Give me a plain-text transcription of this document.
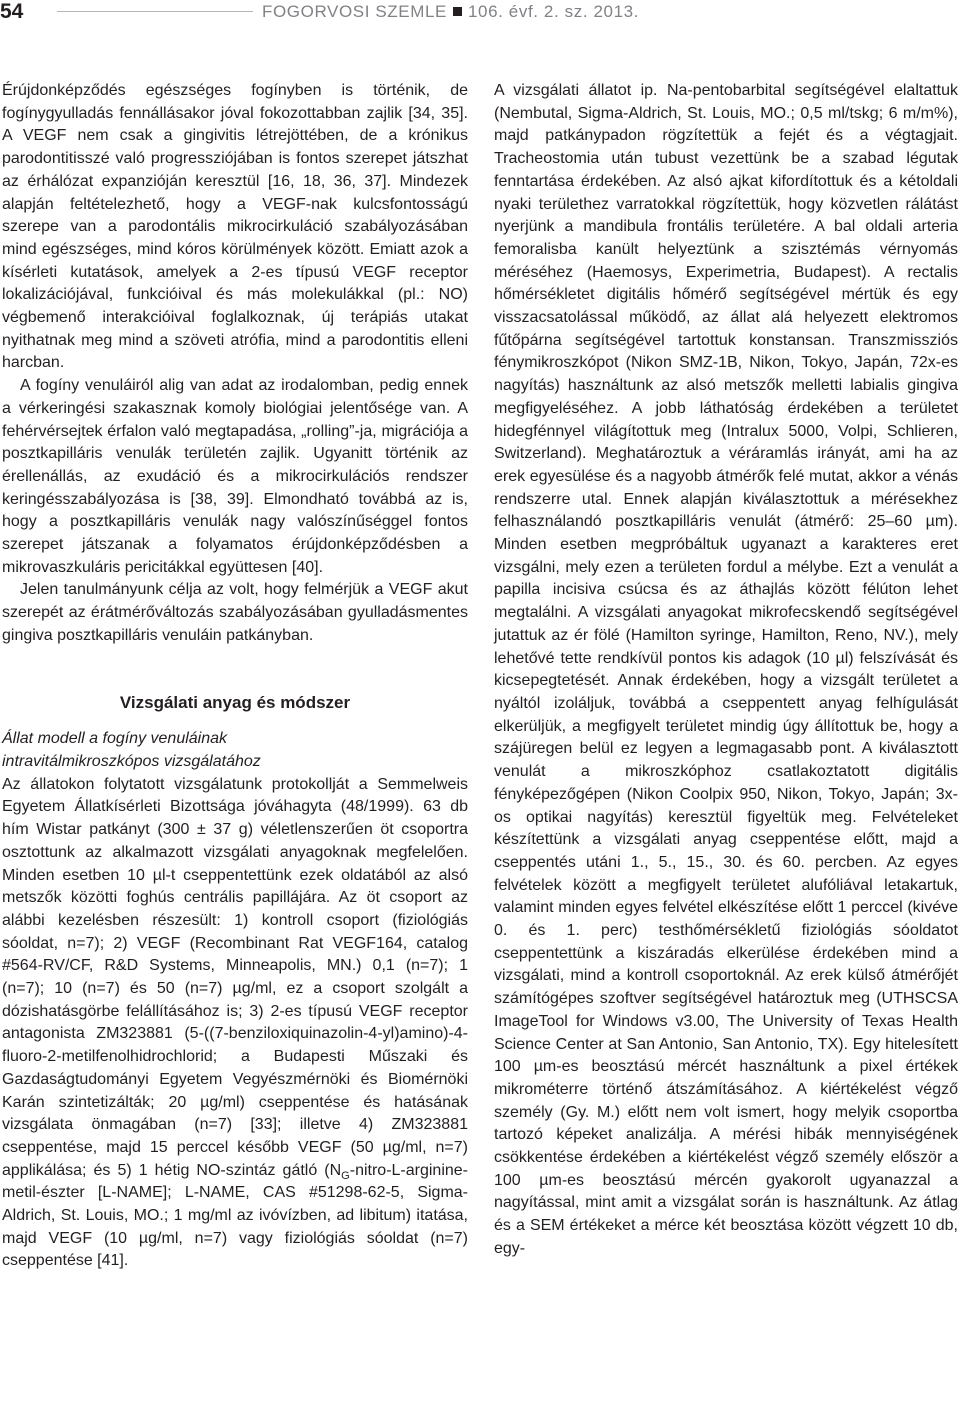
54	FOGORVOSI SZEMLE 106. évf. 2. sz. 2013.

Érújdonképződés egészséges fogínyben is történik, de fogínygyulladás fennállásakor jóval fokozottabban zajlik [34, 35]. A VEGF nem csak a gingivitis létrejöttében, de a krónikus parodontitisszé való progressziójában is fontos szerepet játszhat az érhálózat expanzióján keresztül [16, 18, 36, 37]. Mindezek alapján feltételezhető, hogy a VEGF-nak kulcsfontosságú szerepe van a parodontális mikrocirkuláció szabályozásában mind egészséges, mind kóros körülmények között. Emiatt azok a kísérleti kutatások, amelyek a 2-es típusú VEGF receptor lokalizációjával, funkcióival és más molekulákkal (pl.: NO) végbemenő interakcióival foglalkoznak, új terápiás utakat nyithatnak meg mind a szöveti atrófia, mind a parodontitis elleni harcban.

A fogíny venuláiról alig van adat az irodalomban, pedig ennek a vérkeringési szakasznak komoly biológiai jelentősége van. A fehérvérsejtek érfalon való megtapadása, „rolling”-ja, migrációja a posztkapilláris venulák területén zajlik. Ugyanitt történik az érellenállás, az exudáció és a mikrocirkulációs rendszer keringésszabályozása is [38, 39]. Elmondható továbbá az is, hogy a posztkapilláris venulák nagy valószínűséggel fontos szerepet játszanak a folyamatos érújdonképződésben a mikrovaszkuláris pericitákkal együttesen [40].

Jelen tanulmányunk célja az volt, hogy felmérjük a VEGF akut szerepét az érátmérőváltozás szabályozásában gyulladásmentes gingiva posztkapilláris venuláin patkányban.

Vizsgálati anyag és módszer

Állat modell a fogíny venuláinak

intravitálmikroszkópos vizsgálatához

Az állatokon folytatott vizsgálatunk protokollját a Semmelweis Egyetem Állatkísérleti Bizottsága jóváhagyta (48/1999). 63 db hím Wistar patkányt (300 ± 37 g) véletlenszerűen öt csoportra osztottunk az alkalmazott vizsgálati anyagoknak megfelelően. Minden esetben 10 µl-t cseppentettünk ezek oldatából az alsó metszők közötti foghús centrális papillájára. Az öt csoport az alábbi kezelésben részesült: 1) kontroll csoport (fiziológiás sóoldat, n=7); 2) VEGF (Recombinant Rat VEGF164, catalog #564-RV/CF, R&D Systems, Minneapolis, MN.) 0,1 (n=7); 1 (n=7); 10 (n=7) és 50 (n=7) µg/ml, ez a csoport szolgált a dózishatásgörbe felállításához is; 3) 2-es típusú VEGF receptor antagonista ZM323881 (5-((7-benziloxiquinazolin-4-yl)amino)-4-fluoro-2-metilfenolhidrochlorid; a Budapesti Műszaki és Gazdaságtudományi Egyetem Vegyészmérnöki és Biomérnöki Karán szintetizálták; 20 µg/ml) cseppentése és hatásának vizsgálata önmagában (n=7) [33]; illetve 4) ZM323881 cseppentése, majd 15 perccel később VEGF (50 µg/ml, n=7) applikálása; és 5) 1 hétig NO-szintáz gátló ($N_G-nitro-L-arginine-metil$-észter [L-NAME]; L-NAME, CAS #51298-62-5, Sigma-Aldrich, St. Louis, MO.; 1 mg/ml az ivóvízben, ad libitum) itatása, majd VEGF (10 µg/ml, n=7) vagy fiziológiás sóoldat (n=7) cseppentése [41].

A vizsgálati állatot ip. Na-pentobarbital segítségével elaltattuk (Nembutal, Sigma-Aldrich, St. Louis, MO.; 0,5 ml/tskg; 6 m/m%), majd patkánypadon rögzítettük a fejét és a végtagjait. Tracheostomia után tubust vezettünk be a szabad légutak fenntartása érdekében. Az alsó ajkat kifordítottuk és a kétoldali nyaki területhez varratokkal rögzítettük, hogy közvetlen rálátást nyerjünk a mandibula frontális területére. A bal oldali arteria femoralisba kanült helyeztünk a szisztémás vérnyomás méréséhez (Haemosys, Experimetria, Budapest). A rectalis hőmérsékletet digitális hőmérő segítségével mértük és egy visszacsatolással működő, az állat alá helyezett elektromos fűtőpárna segítségével tartottuk konstansan. Transzmissziós fénymikroszkópot (Nikon SMZ-1B, Nikon, Tokyo, Japán, 72x-es nagyítás) használtunk az alsó metszők melletti labialis gingiva megfigyeléséhez. A jobb láthatóság érdekében a területet hidegfénnyel világítottuk meg (Intralux 5000, Volpi, Schlieren, Switzerland). Meghatároztuk a véráramlás irányát, ami ha az erek egyesülése és a nagyobb átmérők felé mutat, akkor a vénás rendszerre utal. Ennek alapján kiválasztottuk a mérésekhez felhasználandó posztkapilláris venulát (átmérő: 25–60 µm). Minden esetben megpróbáltuk ugyanazt a karakteres eret vizsgálni, mely ezen a területen fordul a mélybe. Ezt a venulát a papilla incisiva csúcsa és az áthajlás között félúton lehet megtalálni. A vizsgálati anyagokat mikrofecskendő segítségével jutattuk az ér fölé (Hamilton syringe, Hamilton, Reno, NV.), mely lehetővé tette rendkívül pontos kis adagok (10 µl) felszívását és kicsepegtetését. Annak érdekében, hogy a vizsgált területet a nyáltól izoláljuk, továbbá a cseppentett anyag felhígulását elkerüljük, a megfigyelt területet mindig úgy állítottuk be, hogy a szájüregen belül ez legyen a legmagasabb pont. A kiválasztott venulát a mikroszkóphoz csatlakoztatott digitális fényképezőgépen (Nikon Coolpix 950, Nikon, Tokyo, Japán; 3x-os optikai nagyítás) keresztül figyeltük meg. Felvételeket készítettünk a vizsgálati anyag cseppentése előtt, majd a cseppentés utáni 1., 5., 15., 30. és 60. percben. Az egyes felvételek között a megfigyelt területet alufóliával letakartuk, valamint minden egyes felvétel elkészítése előtt 1 perccel (kivéve 0. és 1. perc) testhőmérsékletű fiziológiás sóoldatot cseppentettünk a kiszáradás elkerülése érdekében mind a vizsgálati, mind a kontroll csoportoknál. Az erek külső átmérőjét számítógépes szoftver segítségével határoztuk meg (UTHSCSA ImageTool for Windows v3.00, The University of Texas Health Science Center at San Antonio, San Antonio, TX). Egy hitelesített 100 µm-es beosztású mércét használtunk a pixel értékek mikrométerre történő átszámításához. A kiértékelést végző személy (Gy. M.) előtt nem volt ismert, hogy melyik csoportba tartozó képeket analizálja. A mérési hibák mennyiségének csökkentése érdekében a kiértékelést végző személy először a 100 µm-es beosztású mércén gyakorolt ugyanazzal a nagyítással, mint amit a vizsgálat során is használtunk. Az átlag és a SEM értékeket a mérce két beosztása között végzett 10 db, egy-
